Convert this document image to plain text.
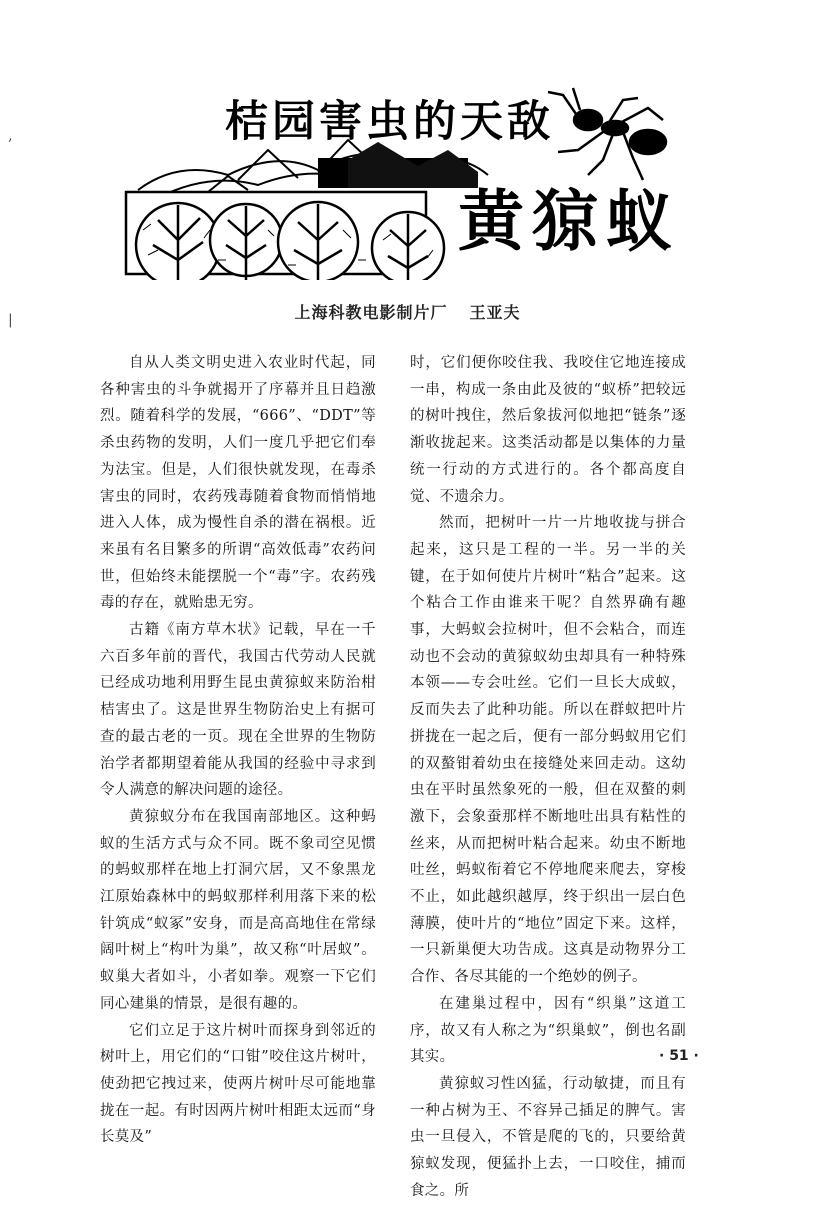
桔园害虫的天敌
黄猄蚁
上海科教电影制片厂 王亚夫
‚
|

自从人类文明史进入农业时代起，同各种害虫的斗争就揭开了序幕并且日趋激烈。随着科学的发展，“666”、“DDT”等杀虫药物的发明，人们一度几乎把它们奉为法宝。但是，人们很快就发现，在毒杀害虫的同时，农药残毒随着食物而悄悄地进入人体，成为慢性自杀的潜在祸根。近来虽有名目繁多的所谓“高效低毒”农药问世，但始终未能摆脱一个“毒”字。农药残毒的存在，就贻患无穷。

古籍《南方草木状》记载，早在一千六百多年前的晋代，我国古代劳动人民就已经成功地利用野生昆虫黄猄蚁来防治柑桔害虫了。这是世界生物防治史上有据可查的最古老的一页。现在全世界的生物防治学者都期望着能从我国的经验中寻求到令人满意的解决问题的途径。

黄猄蚁分布在我国南部地区。这种蚂蚁的生活方式与众不同。既不象司空见惯的蚂蚁那样在地上打洞穴居，又不象黑龙江原始森林中的蚂蚁那样利用落下来的松针筑成“蚁冢”安身，而是高高地住在常绿阔叶树上“构叶为巢”，故又称“叶居蚁”。蚁巢大者如斗，小者如拳。观察一下它们同心建巢的情景，是很有趣的。

它们立足于这片树叶而探身到邻近的树叶上，用它们的“口钳”咬住这片树叶，使劲把它拽过来，使两片树叶尽可能地靠拢在一起。有时因两片树叶相距太远而“身长莫及”

时，它们便你咬住我、我咬住它地连接成一串，构成一条由此及彼的“蚁桥”把较远的树叶拽住，然后象拔河似地把“链条”逐渐收拢起来。这类活动都是以集体的力量统一行动的方式进行的。各个都高度自觉、不遗余力。

然而，把树叶一片一片地收拢与拼合起来，这只是工程的一半。另一半的关键，在于如何使片片树叶“粘合”起来。这个粘合工作由谁来干呢？自然界确有趣事，大蚂蚁会拉树叶，但不会粘合，而连动也不会动的黄猄蚁幼虫却具有一种特殊本领——专会吐丝。它们一旦长大成蚁，反而失去了此种功能。所以在群蚁把叶片拼拢在一起之后，便有一部分蚂蚁用它们的双螯钳着幼虫在接缝处来回走动。这幼虫在平时虽然象死的一般，但在双螯的刺激下，会象蚕那样不断地吐出具有粘性的丝来，从而把树叶粘合起来。幼虫不断地吐丝，蚂蚁衔着它不停地爬来爬去，穿梭不止，如此越织越厚，终于织出一层白色薄膜，使叶片的“地位”固定下来。这样，一只新巢便大功告成。这真是动物界分工合作、各尽其能的一个绝妙的例子。

在建巢过程中，因有“织巢”这道工序，故又有人称之为“织巢蚁”，倒也名副其实。

黄猄蚁习性凶猛，行动敏捷，而且有一种占树为王、不容异己插足的脾气。害虫一旦侵入，不管是爬的飞的，只要给黄猄蚁发现，便猛扑上去，一口咬住，捕而食之。所

· 51 ·
